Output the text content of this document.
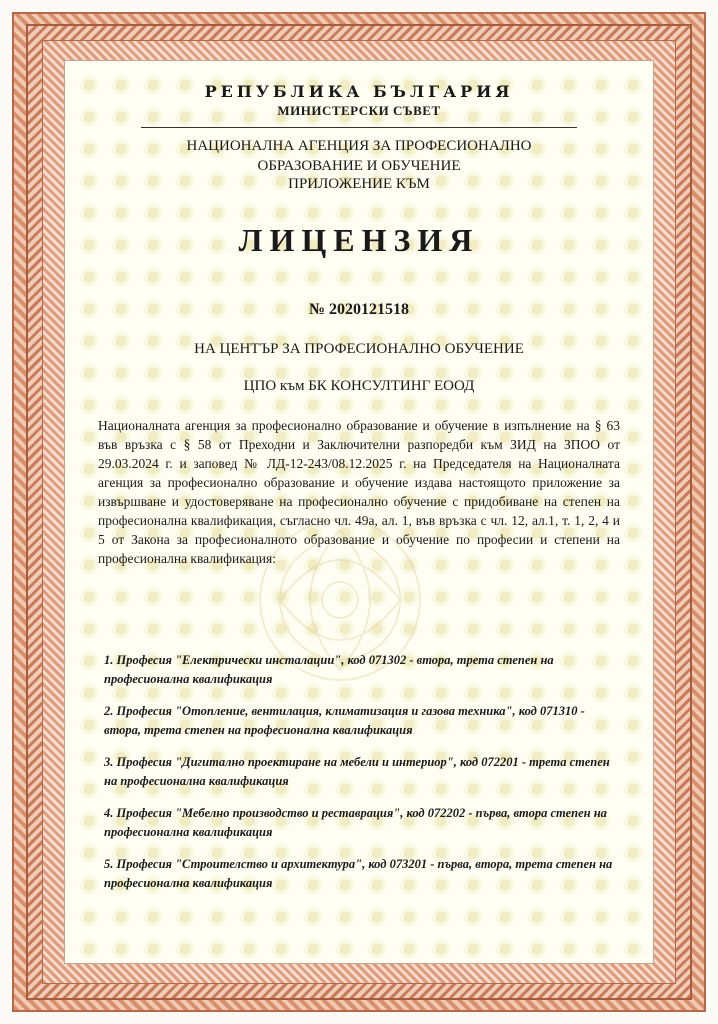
РЕПУБЛИКА БЪЛГАРИЯ

МИНИСТЕРСКИ СЪВЕТ

НАЦИОНАЛНА АГЕНЦИЯ ЗА ПРОФЕСИОНАЛНО

ОБРАЗОВАНИЕ И ОБУЧЕНИЕ

ПРИЛОЖЕНИЕ КЪМ

ЛИЦЕНЗИЯ
№ 2020121518
НА ЦЕНТЪР ЗА ПРОФЕСИОНАЛНО ОБУЧЕНИЕ
ЦПО към БК КОНСУЛТИНГ ЕООД

Националната агенция за професионално образование и обучение в изпълнение на § 63 във връзка с § 58 от Преходни и Заключителни разпоредби към ЗИД на ЗПОО от 29.03.2024 г. и заповед № ЛД-12-243/08.12.2025 г. на Председателя на Националната агенция за професионално образование и обучение издава настоящото приложение за извършване и удостоверяване на професионално обучение с придобиване на степен на професионална квалификация, съгласно чл. 49а, ал. 1, във връзка с чл. 12, ал.1, т. 1, 2, 4 и 5 от Закона за професионалното образование и обучение по професии и степени на професионална квалификация:

1. Професия "Електрически инсталации", код 071302 - втора, трета степен на професионална квалификация
2. Професия "Отопление, вентилация, климатизация и газова техника", код 071310 - втора, трета степен на професионална квалификация
3. Професия "Дигитално проектиране на мебели и интериор", код 072201 - трета степен на професионална квалификация
4. Професия "Мебелно производство и реставрация", код 072202 - първа, втора степен на професионална квалификация
5. Професия "Строителство и архитектура", код 073201 - първа, втора, трета степен на професионална квалификация
